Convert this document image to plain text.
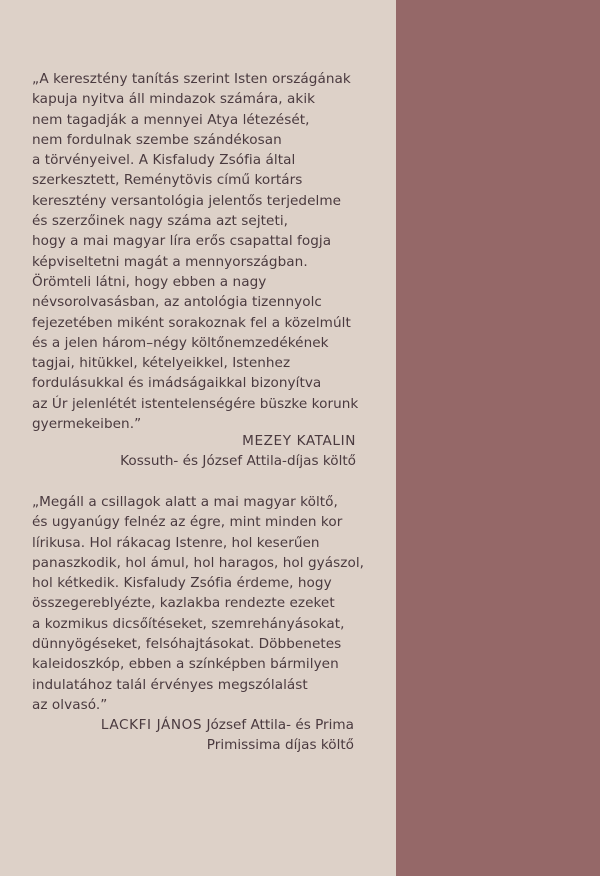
„A keresztény tanítás szerint Isten országának
kapuja nyitva áll mindazok számára, akik
nem tagadják a mennyei Atya létezését,
nem fordulnak szembe szándékosan
a törvényeivel. A Kisfaludy Zsófia által
szerkesztett, Reménytövis című kortárs
keresztény versantológia jelentős terjedelme
és szerzőinek nagy száma azt sejteti,
hogy a mai magyar líra erős csapattal fogja
képviseltetni magát a mennyországban.
Örömteli látni, hogy ebben a nagy
névsorolvasásban, az antológia tizennyolc
fejezetében miként sorakoznak fel a közelmúlt
és a jelen három–négy költőnemzedékének
tagjai, hitükkel, kételyeikkel, Istenhez
fordulásukkal és imádságaikkal bizonyítva
az Úr jelenlétét istentelenségére büszke korunk
gyermekeiben.”
MEZEY KATALIN
Kossuth- és József Attila-díjas költő
„Megáll a csillagok alatt a mai magyar költő,
és ugyanúgy felnéz az égre, mint minden kor
lírikusa. Hol rákacag Istenre, hol keserűen
panaszkodik, hol ámul, hol haragos, hol gyászol,
hol kétkedik. Kisfaludy Zsófia érdeme, hogy
összegereblyézte, kazlakba rendezte ezeket
a kozmikus dicsőítéseket, szemrehányásokat,
dünnyögéseket, felsóhajtásokat. Döbbenetes
kaleidoszkóp, ebben a színképben bármilyen
indulatához talál érvényes megszólalást
az olvasó.”
LACKFI JÁNOS József Attila- és Prima
Primissima díjas költő
